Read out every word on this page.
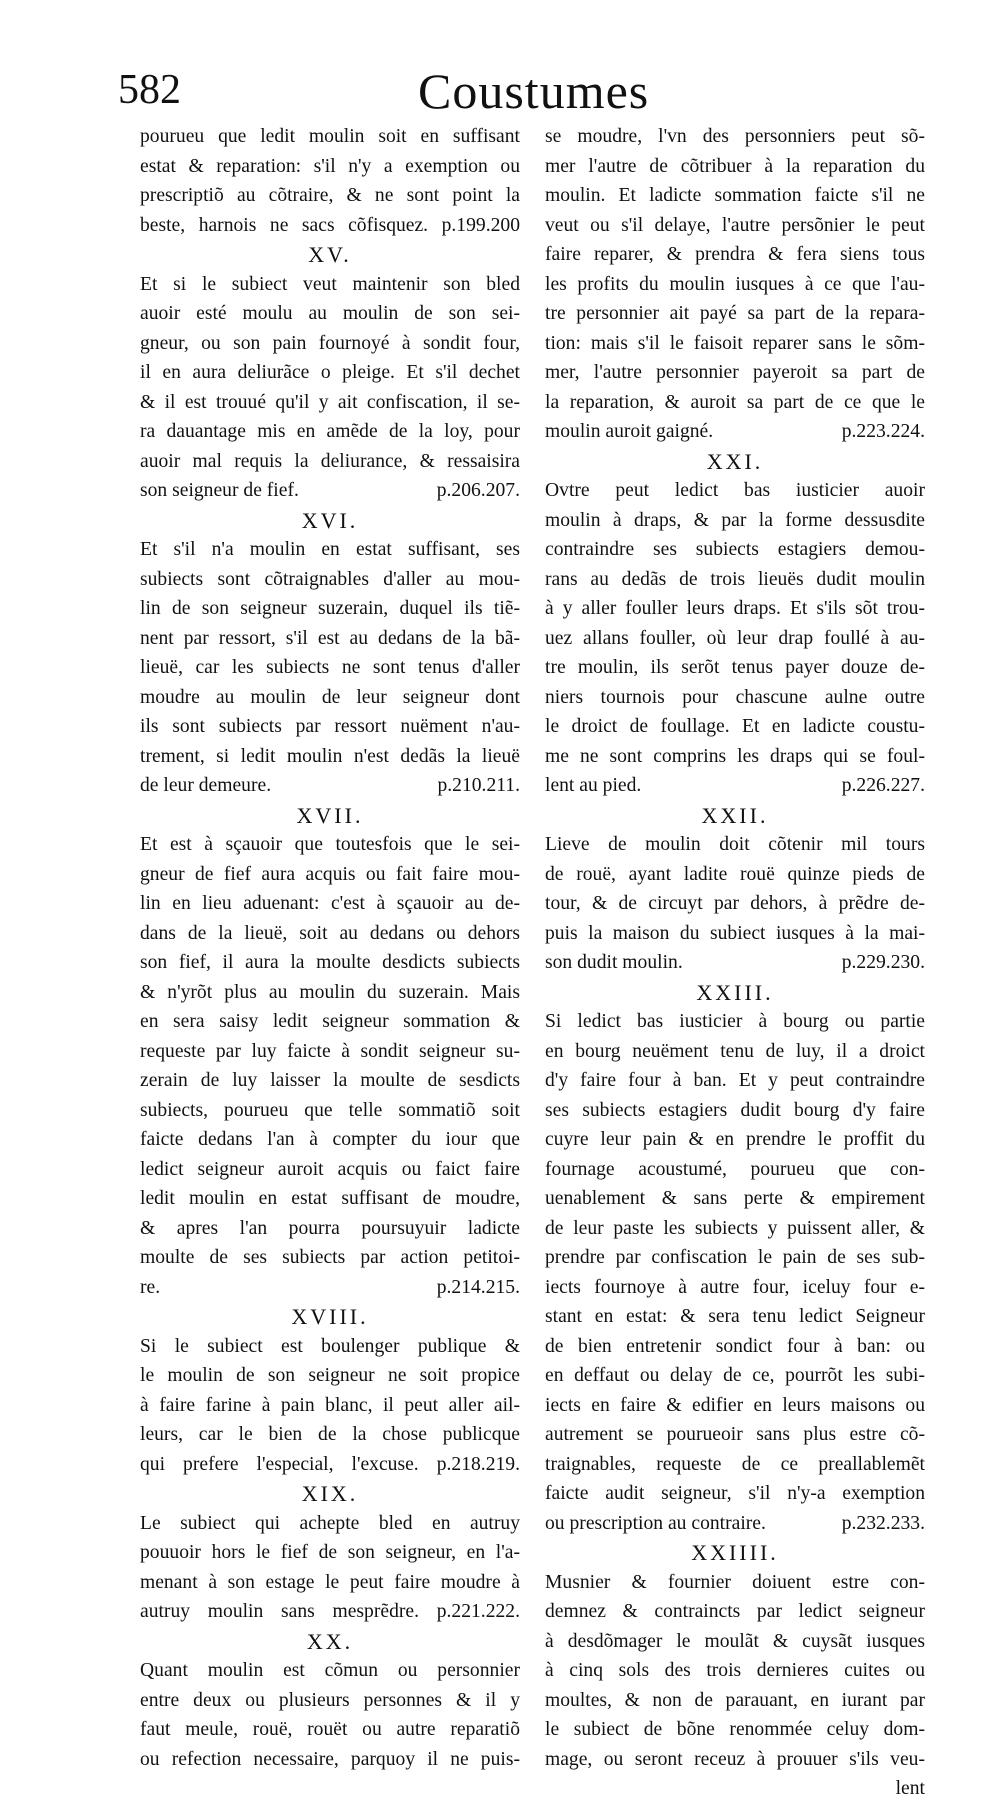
582	Coustumes
pourueu que ledit moulin soit en suffisant
estat & reparation: s'il n'y a exemption ou
prescriptiõ au cõtraire, & ne sont point la
beste, harnois ne sacs cõfisquez. p.199.200
XV.
Et si le subiect veut maintenir son bled
auoir esté moulu au moulin de son sei-
gneur, ou son pain fournoyé à sondit four,
il en aura deliurãce o pleige. Et s'il dechet
& il est trouué qu'il y ait confiscation, il se-
ra dauantage mis en amẽde de la loy, pour
auoir mal requis la deliurance, & ressaisira
p.206.207.
son seigneur de fief.
XVI.
Et s'il n'a moulin en estat suffisant, ses
subiects sont cõtraignables d'aller au mou-
lin de son seigneur suzerain, duquel ils tiẽ-
nent par ressort, s'il est au dedans de la bã-
lieuë, car les subiects ne sont tenus d'aller
moudre au moulin de leur seigneur dont
ils sont subiects par ressort nuëment n'au-
trement, si ledit moulin n'est dedãs la lieuë
p.210.211.
de leur demeure.
XVII.
Et est à sçauoir que toutesfois que le sei-
gneur de fief aura acquis ou fait faire mou-
lin en lieu aduenant: c'est à sçauoir au de-
dans de la lieuë, soit au dedans ou dehors
son fief, il aura la moulte desdicts subiects
& n'yrõt plus au moulin du suzerain. Mais
en sera saisy ledit seigneur sommation &
requeste par luy faicte à sondit seigneur su-
zerain de luy laisser la moulte de sesdicts
subiects, pourueu que telle sommatiõ soit
faicte dedans l'an à compter du iour que
ledict seigneur auroit acquis ou faict faire
ledit moulin en estat suffisant de moudre,
& apres l'an pourra poursuyuir ladicte
moulte de ses subiects par action petitoi-
p.214.215.
re.
XVIII.
Si le subiect est boulenger publique &
le moulin de son seigneur ne soit propice
à faire farine à pain blanc, il peut aller ail-
leurs, car le bien de la chose publicque
qui prefere l'especial, l'excuse. p.218.219.
XIX.
Le subiect qui achepte bled en autruy
pouuoir hors le fief de son seigneur, en l'a-
menant à son estage le peut faire moudre à
autruy moulin sans mesprẽdre. p.221.222.
XX.
Quant moulin est cõmun ou personnier
entre deux ou plusieurs personnes & il y
faut meule, rouë, rouët ou autre reparatiõ
ou refection necessaire, parquoy il ne puis-
se moudre, l'vn des personniers peut sõ-
mer l'autre de cõtribuer à la reparation du
moulin. Et ladicte sommation faicte s'il ne
veut ou s'il delaye, l'autre persõnier le peut
faire reparer, & prendra & fera siens tous
les profits du moulin iusques à ce que l'au-
tre personnier ait payé sa part de la repara-
tion: mais s'il le faisoit reparer sans le sõm-
mer, l'autre personnier payeroit sa part de
la reparation, & auroit sa part de ce que le
p.223.224.
moulin auroit gaigné.
XXI.
Ovtre peut ledict bas iusticier auoir
moulin à draps, & par la forme dessusdite
contraindre ses subiects estagiers demou-
rans au dedãs de trois lieuës dudit moulin
à y aller fouller leurs draps. Et s'ils sõt trou-
uez allans fouller, où leur drap foullé à au-
tre moulin, ils serõt tenus payer douze de-
niers tournois pour chascune aulne outre
le droict de foullage. Et en ladicte coustu-
me ne sont comprins les draps qui se foul-
p.226.227.
lent au pied.
XXII.
Lieve de moulin doit cõtenir mil tours
de rouë, ayant ladite rouë quinze pieds de
tour, & de circuyt par dehors, à prẽdre de-
puis la maison du subiect iusques à la mai-
p.229.230.
son dudit moulin.
XXIII.
Si ledict bas iusticier à bourg ou partie
en bourg neuëment tenu de luy, il a droict
d'y faire four à ban. Et y peut contraindre
ses subiects estagiers dudit bourg d'y faire
cuyre leur pain & en prendre le proffit du
fournage acoustumé, pourueu que con-
uenablement & sans perte & empirement
de leur paste les subiects y puissent aller, &
prendre par confiscation le pain de ses sub-
iects fournoye à autre four, iceluy four e-
stant en estat: & sera tenu ledict Seigneur
de bien entretenir sondict four à ban: ou
en deffaut ou delay de ce, pourrõt les subi-
iects en faire & edifier en leurs maisons ou
autrement se pourueoir sans plus estre cõ-
traignables, requeste de ce preallablemẽt
faicte audit seigneur, s'il n'y-a exemption
p.232.233.
ou prescription au contraire.
XXIIII.
Musnier & fournier doiuent estre con-
demnez & contraincts par ledict seigneur
à desdõmager le moulãt & cuysãt iusques
à cinq sols des trois dernieres cuites ou
moultes, & non de parauant, en iurant par
le subiect de bõne renommée celuy dom-
mage, ou seront receuz à prouuer s'ils veu-
lent
